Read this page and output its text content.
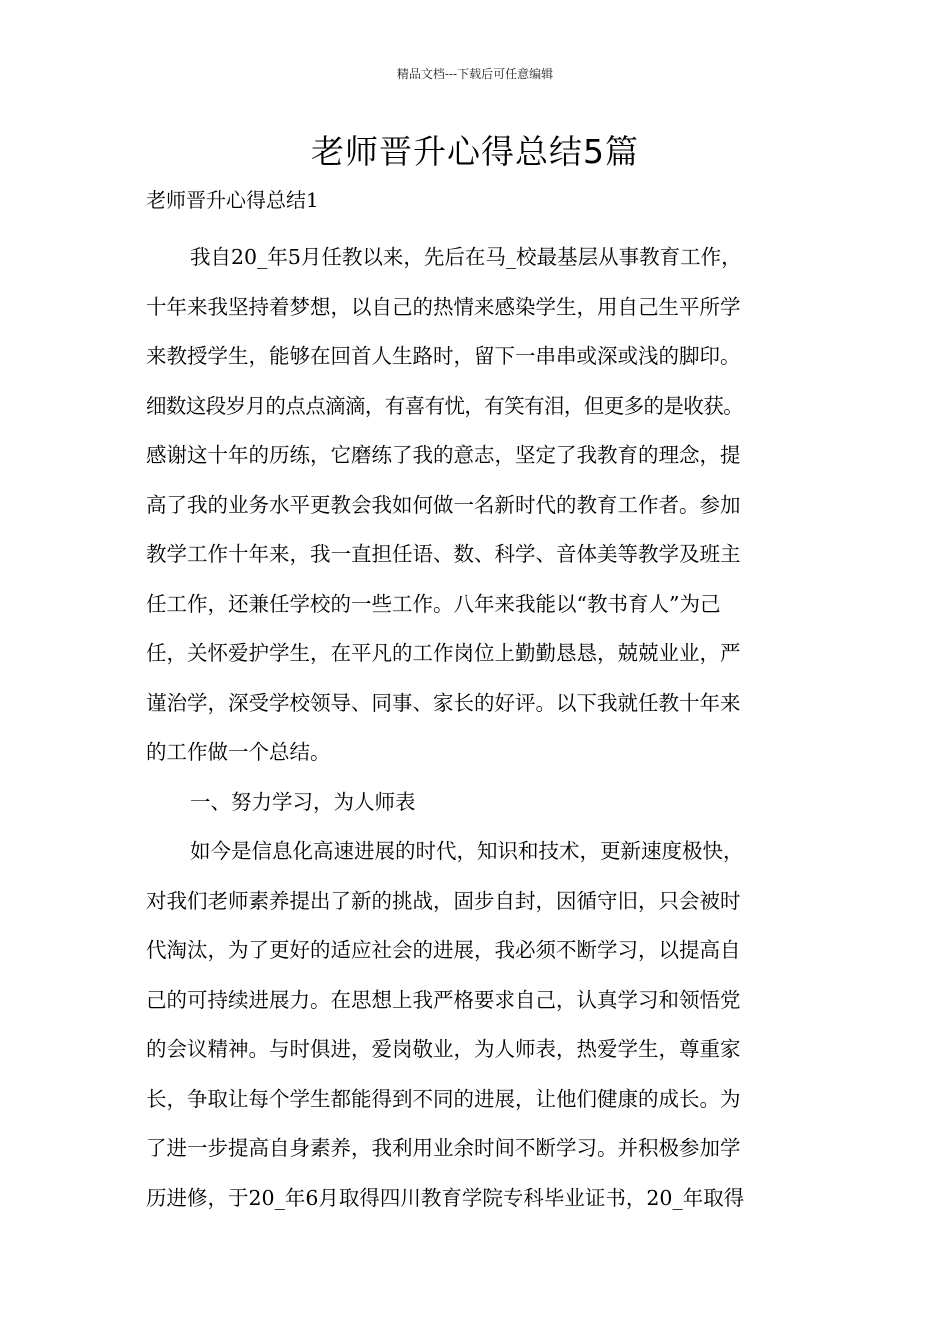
精品文档---下载后可任意编辑
老师晋升心得总结5篇
老师晋升心得总结1
我自20_年5月任教以来，先后在马_校最基层从事教育工作，
十年来我坚持着梦想，以自己的热情来感染学生，用自己生平所学
来教授学生，能够在回首人生路时，留下一串串或深或浅的脚印。
细数这段岁月的点点滴滴，有喜有忧，有笑有泪，但更多的是收获。
感谢这十年的历练，它磨练了我的意志，坚定了我教育的理念，提
高了我的业务水平更教会我如何做一名新时代的教育工作者。参加
教学工作十年来，我一直担任语、数、科学、音体美等教学及班主
任工作，还兼任学校的一些工作。八年来我能以“教书育人”为己
任，关怀爱护学生，在平凡的工作岗位上勤勤恳恳，兢兢业业，严
谨治学，深受学校领导、同事、家长的好评。以下我就任教十年来
的工作做一个总结。
一、努力学习，为人师表
如今是信息化高速进展的时代，知识和技术，更新速度极快，
对我们老师素养提出了新的挑战，固步自封，因循守旧，只会被时
代淘汰，为了更好的适应社会的进展，我必须不断学习，以提高自
己的可持续进展力。在思想上我严格要求自己，认真学习和领悟党
的会议精神。与时俱进，爱岗敬业，为人师表，热爱学生，尊重家
长，争取让每个学生都能得到不同的进展，让他们健康的成长。为
了进一步提高自身素养，我利用业余时间不断学习。并积极参加学
历进修，于20_年6月取得四川教育学院专科毕业证书，20_年取得
